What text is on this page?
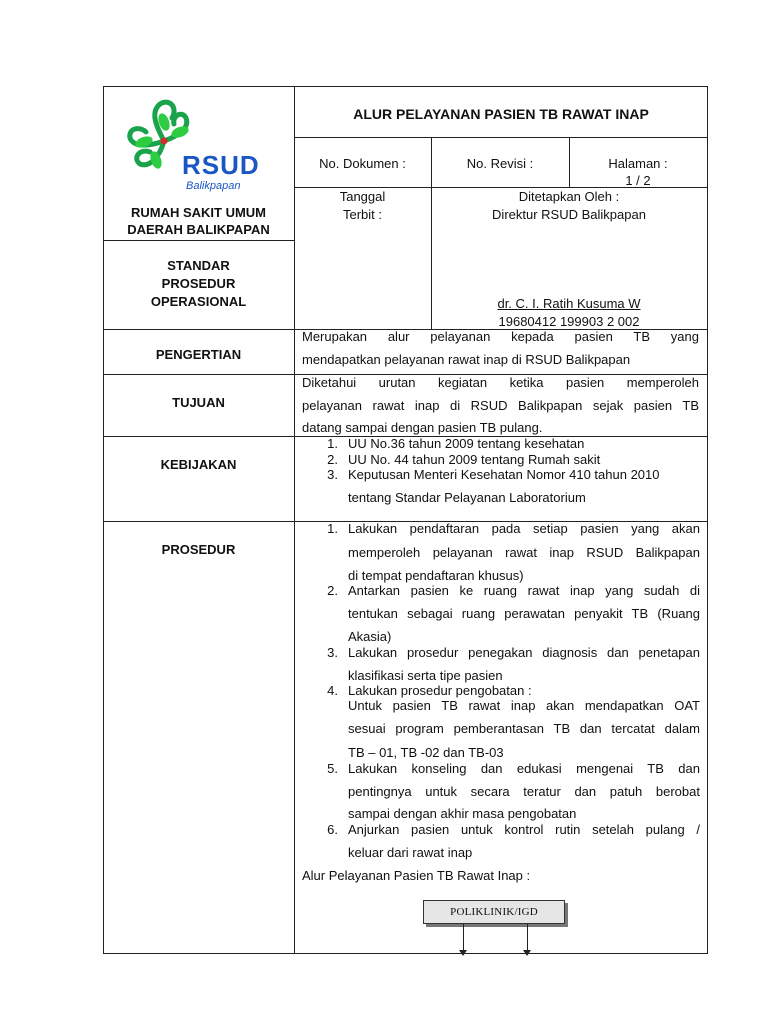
RSUD
Balikpapan
RUMAH SAKIT UMUM
DAERAH BALIKPAPAN
STANDAR
PROSEDUR
OPERASIONAL
ALUR PELAYANAN PASIEN TB RAWAT INAP
No. Dokumen :	No. Revisi :	Halaman :
1 / 2
Tanggal
Terbit :
Ditetapkan Oleh :
Direktur RSUD Balikpapan
dr. C. I. Ratih Kusuma W
19680412 199903 2 002
PENGERTIAN
Merupakan alur pelayanan kepada pasien TB yang
mendapatkan pelayanan rawat inap di RSUD Balikpapan
TUJUAN
Diketahui urutan kegiatan ketika pasien memperoleh
pelayanan rawat inap di RSUD Balikpapan sejak pasien TB
datang sampai dengan pasien TB pulang.
KEBIJAKAN
1. UU No.36 tahun 2009 tentang kesehatan
2. UU No. 44 tahun 2009 tentang Rumah sakit
3. Keputusan Menteri Kesehatan Nomor 410 tahun 2010
tentang Standar Pelayanan Laboratorium
PROSEDUR
1. Lakukan pendaftaran pada setiap pasien yang akan
memperoleh pelayanan rawat inap RSUD Balikpapan
di tempat pendaftaran khusus)
2. Antarkan pasien ke ruang rawat inap yang sudah di
tentukan sebagai ruang perawatan penyakit TB (Ruang
Akasia)
3. Lakukan prosedur penegakan diagnosis dan penetapan
klasifikasi serta tipe pasien
4. Lakukan prosedur pengobatan :
Untuk pasien TB rawat inap akan mendapatkan OAT
sesuai program pemberantasan TB dan tercatat dalam
TB – 01, TB -02 dan TB-03
5. Lakukan konseling dan edukasi mengenai TB dan
pentingnya untuk secara teratur dan patuh berobat
sampai dengan akhir masa pengobatan
6. Anjurkan pasien untuk kontrol rutin setelah pulang /
keluar dari rawat inap
Alur Pelayanan Pasien TB Rawat Inap :
POLIKLINIK/IGD
